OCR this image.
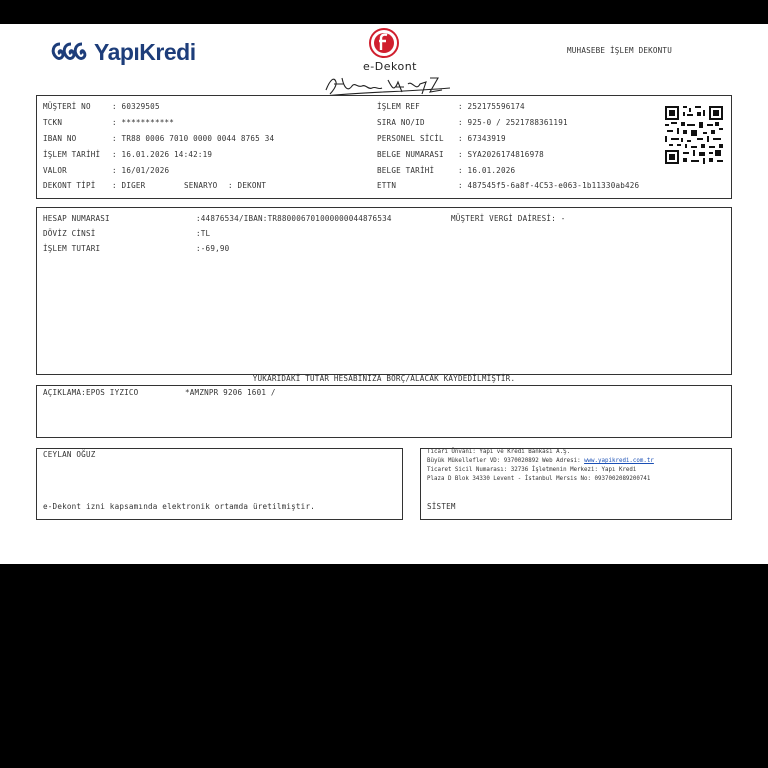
YapıKredi
e-Dekont
MUHASEBE İŞLEM DEKONTU
MÜŞTERİ NO	: 60329505
TCKN	: ***********
IBAN NO	: TR88 0006 7010 0000 0044 8765 34
İŞLEM TARİHİ : 16.01.2026 14:42:19
VALOR	: 16/01/2026
DEKONT TİPİ : DIGER	SENARYO : DEKONT
İŞLEM REF	: 252175596174
SIRA NO/ID	: 925-0 / 2521788361191
PERSONEL SİCİL : 67343919
BELGE NUMARASI : SYA2026174816978
BELGE TARİHİ	: 16.01.2026
ETTN	: 487545f5-6a8f-4C53-e063-1b11330ab426
HESAP NUMARASI	:44876534/IBAN:TR880006701000000044876534	MÜŞTERİ VERGİ DAİRESİ: -
DÖVİZ CİNSİ	:TL
İŞLEM TUTARI	:-69,90
YUKARIDAKİ TUTAR HESABINIZA BORÇ/ALACAK KAYDEDİLMİŞTİR.
AÇIKLAMA:EPOS IYZICO	*AMZNPR 9206 1601 /
CEYLAN OĞUZ
e-Dekont izni kapsamında elektronik ortamda üretilmiştir.
Ticari Ünvanı: Yapı ve Kredi Bankası A.Ş.
Büyük Mükellefler VD: 9370020892 Web Adresi: www.yapikredi.com.tr
Ticaret Sicil Numarası: 32736 İşletmenin Merkezi: Yapı Kredi
Plaza D Blok 34330 Levent - İstanbul Mersis No: 0937002089200741
SİSTEM
